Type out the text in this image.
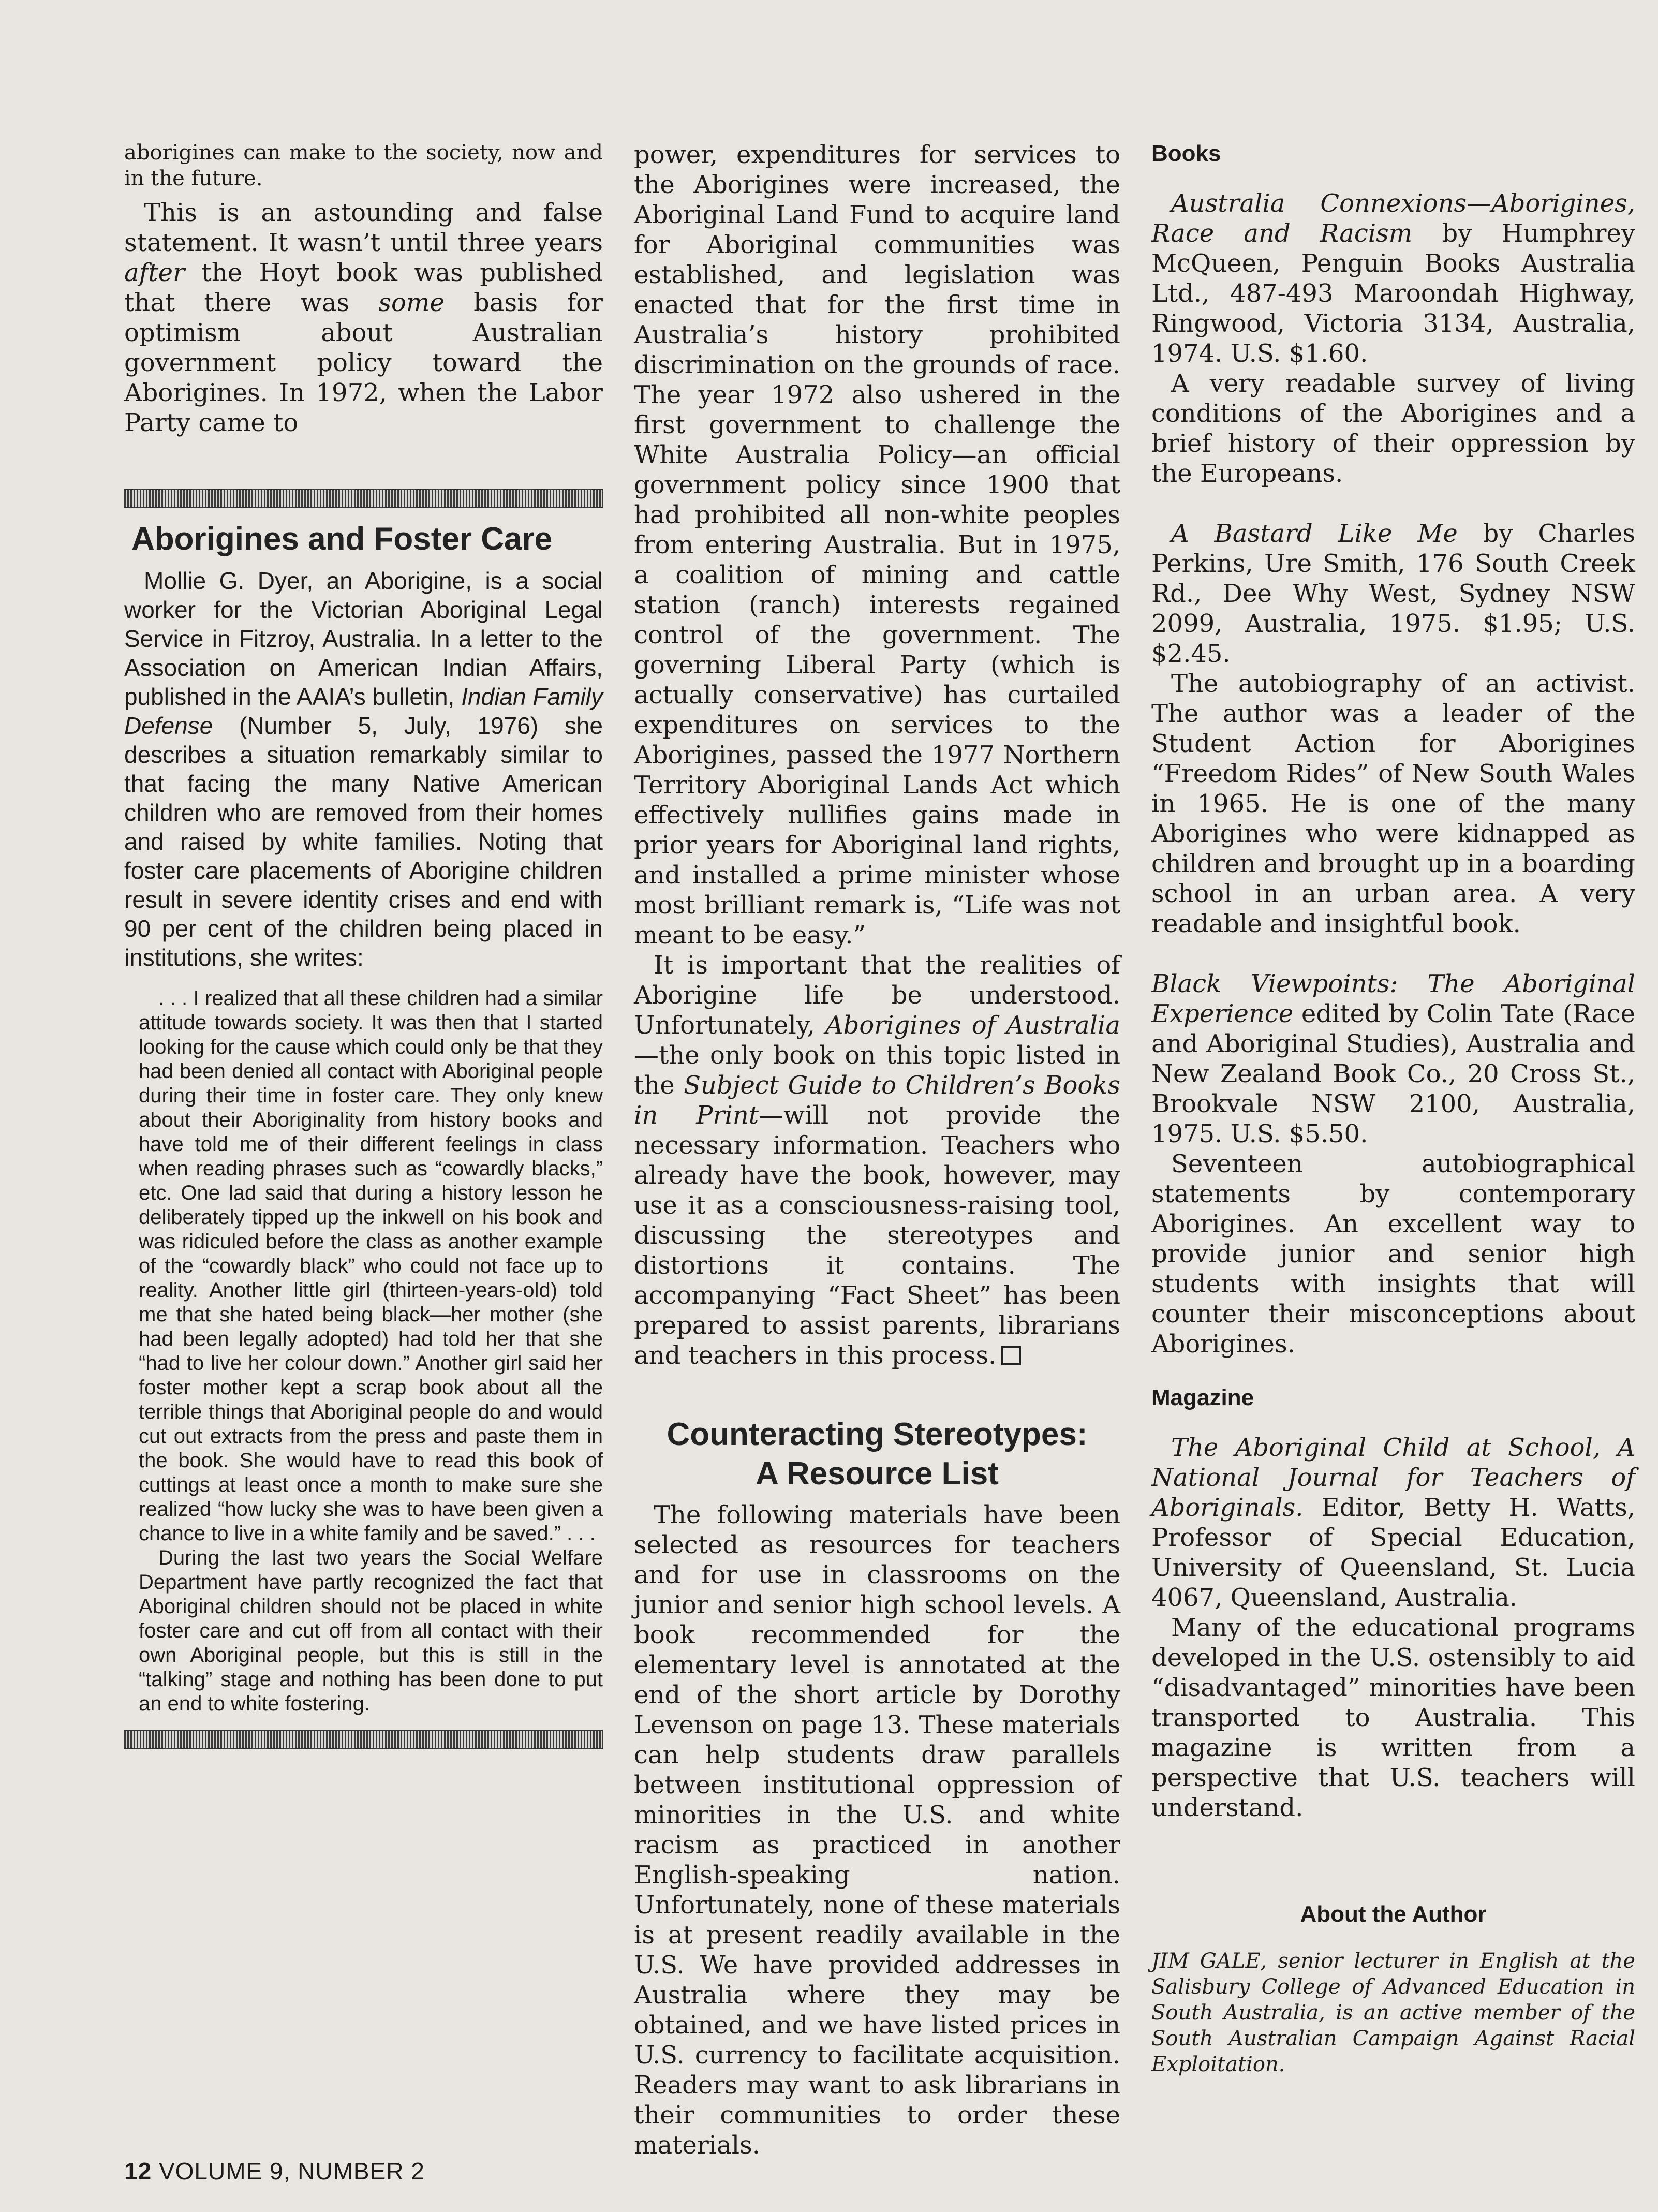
aborigines can make to the society, now and in the future.

This is an astounding and false statement. It wasn’t until three years after the Hoyt book was published that there was some basis for optimism about Australian government policy toward the Aborigines. In 1972, when the Labor Party came to

Aborigines and Foster Care

Mollie G. Dyer, an Aborigine, is a social worker for the Victorian Aboriginal Legal Service in Fitzroy, Australia. In a letter to the Association on American Indian Affairs, published in the AAIA’s bulletin, Indian Family Defense (Number 5, July, 1976) she describes a situation remarkably similar to that facing the many Native American children who are removed from their homes and raised by white families. Noting that foster care placements of Aborigine children result in severe identity crises and end with 90 per cent of the children being placed in institutions, she writes:

. . . I realized that all these children had a similar attitude towards society. It was then that I started looking for the cause which could only be that they had been denied all contact with Aboriginal people during their time in foster care. They only knew about their Aboriginality from history books and have told me of their different feelings in class when reading phrases such as “cowardly blacks,” etc. One lad said that during a history lesson he deliberately tipped up the inkwell on his book and was ridiculed before the class as another example of the “cowardly black” who could not face up to reality. Another little girl (thirteen-years-old) told me that she hated being black—her mother (she had been legally adopted) had told her that she “had to live her colour down.” Another girl said her foster mother kept a scrap book about all the terrible things that Aboriginal people do and would cut out extracts from the press and paste them in the book. She would have to read this book of cuttings at least once a month to make sure she realized “how lucky she was to have been given a chance to live in a white family and be saved.” . . .

During the last two years the Social Welfare Department have partly recognized the fact that Aboriginal children should not be placed in white foster care and cut off from all contact with their own Aboriginal people, but this is still in the “talking” stage and nothing has been done to put an end to white fostering.

power, expenditures for services to the Aborigines were increased, the Aboriginal Land Fund to acquire land for Aboriginal communities was established, and legislation was enacted that for the first time in Australia’s history prohibited discrimination on the grounds of race. The year 1972 also ushered in the first government to challenge the White Australia Policy—an official government policy since 1900 that had prohibited all non-white peoples from entering Australia. But in 1975, a coalition of mining and cattle station (ranch) interests regained control of the government. The governing Liberal Party (which is actually conservative) has curtailed expenditures on services to the Aborigines, passed the 1977 Northern Territory Aboriginal Lands Act which effectively nullifies gains made in prior years for Aboriginal land rights, and installed a prime minister whose most brilliant remark is, “Life was not meant to be easy.”

It is important that the realities of Aborigine life be understood. Unfortunately, Aborigines of Australia—the only book on this topic listed in the Subject Guide to Children’s Books in Print—will not provide the necessary information. Teachers who already have the book, however, may use it as a consciousness-raising tool, discussing the stereotypes and distortions it contains. The accompanying “Fact Sheet” has been prepared to assist parents, librarians and teachers in this process.

Counteracting Stereotypes:
A Resource List

The following materials have been selected as resources for teachers and for use in classrooms on the junior and senior high school levels. A book recommended for the elementary level is annotated at the end of the short article by Dorothy Levenson on page 13. These materials can help students draw parallels between institutional oppression of minorities in the U.S. and white racism as practiced in another English-speaking nation. Unfortunately, none of these materials is at present readily available in the U.S. We have provided addresses in Australia where they may be obtained, and we have listed prices in U.S. currency to facilitate acquisition. Readers may want to ask librarians in their communities to order these materials.

Books

Australia Connexions—Aborigines, Race and Racism by Humphrey McQueen, Penguin Books Australia Ltd., 487-493 Maroondah Highway, Ringwood, Victoria 3134, Australia, 1974. U.S. $1.60.

A very readable survey of living conditions of the Aborigines and a brief history of their oppression by the Europeans.

A Bastard Like Me by Charles Perkins, Ure Smith, 176 South Creek Rd., Dee Why West, Sydney NSW 2099, Australia, 1975. $1.95; U.S. $2.45.

The autobiography of an activist. The author was a leader of the Student Action for Aborigines “Freedom Rides” of New South Wales in 1965. He is one of the many Aborigines who were kidnapped as children and brought up in a boarding school in an urban area. A very readable and insightful book.

Black Viewpoints: The Aboriginal Experience edited by Colin Tate (Race and Aboriginal Studies), Australia and New Zealand Book Co., 20 Cross St., Brookvale NSW 2100, Australia, 1975. U.S. $5.50.

Seventeen autobiographical statements by contemporary Aborigines. An excellent way to provide junior and senior high students with insights that will counter their misconceptions about Aborigines.

Magazine

The Aboriginal Child at School, A National Journal for Teachers of Aboriginals. Editor, Betty H. Watts, Professor of Special Education, University of Queensland, St. Lucia 4067, Queensland, Australia.

Many of the educational programs developed in the U.S. ostensibly to aid “disadvantaged” minorities have been transported to Australia. This magazine is written from a perspective that U.S. teachers will understand.

About the Author

JIM GALE, senior lecturer in English at the Salisbury College of Advanced Education in South Australia, is an active member of the South Australian Campaign Against Racial Exploitation.

12 VOLUME 9, NUMBER 2
